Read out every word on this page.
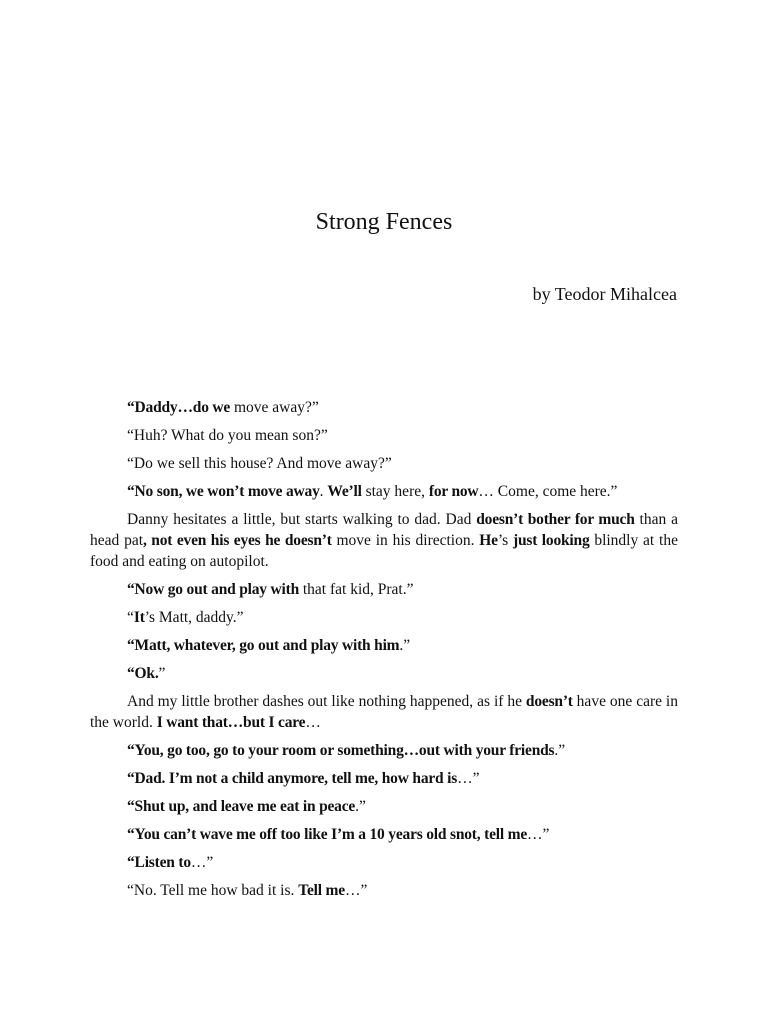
Strong Fences
by Teodor Mihalcea

“Daddy…do we move away?”

“Huh? What do you mean son?”

“Do we sell this house? And move away?”

“No son, we won’t move away. We’ll stay here, for now… Come, come here.”

Danny hesitates a little, but starts walking to dad. Dad doesn’t bother for much than a head pat, not even his eyes he doesn’t move in his direction. He’s just looking blindly at the food and eating on autopilot.

“Now go out and play with that fat kid, Prat.”

“It’s Matt, daddy.”

“Matt, whatever, go out and play with him.”

“Ok.”

And my little brother dashes out like nothing happened, as if he doesn’t have one care in the world. I want that…but I care…

“You, go too, go to your room or something…out with your friends.”

“Dad. I’m not a child anymore, tell me, how hard is…”

“Shut up, and leave me eat in peace.”

“You can’t wave me off too like I’m a 10 years old snot, tell me…”

“Listen to…”

“No. Tell me how bad it is. Tell me…”
